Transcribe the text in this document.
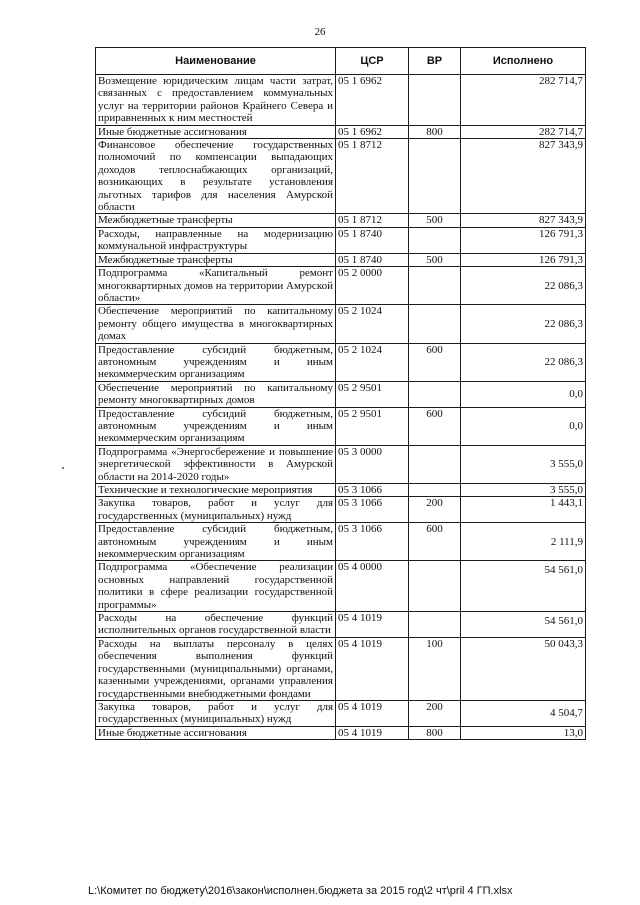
26
Наименование	ЦСР	ВР	Исполнено
Возмещение юридическим лицам части затрат, связанных с предоставлением коммунальных услуг на территории районов Крайнего Севера и приравненных к ним местностей	05 1 6962		282 714,7
Иные бюджетные ассигнования	05 1 6962	800	282 714,7
Финансовое обеспечение государственных полномочий по компенсации выпадающих доходов теплоснабжающих организаций, возникающих в результате установления льготных тарифов для населения Амурской области	05 1 8712		827 343,9
Межбюджетные трансферты	05 1 8712	500	827 343,9
Расходы, направленные на модернизацию коммунальной инфраструктуры	05 1 8740		126 791,3
Межбюджетные трансферты	05 1 8740	500	126 791,3
Подпрограмма «Капитальный ремонт многоквартирных домов на территории Амурской области»	05 2 0000		22 086,3
Обеспечение мероприятий по капитальному ремонту общего имущества в многоквартирных домах	05 2 1024		22 086,3
Предоставление субсидий бюджетным, автономным учреждениям и иным некоммерческим организациям	05 2 1024	600	22 086,3
Обеспечение мероприятий по капитальному ремонту многоквартирных домов	05 2 9501		0,0
Предоставление субсидий бюджетным, автономным учреждениям и иным некоммерческим организациям	05 2 9501	600	0,0
Подпрограмма «Энергосбережение и повышение энергетической эффективности в Амурской области на 2014-2020 годы»	05 3 0000		3 555,0
Технические и технологические мероприятия	05 3 1066		3 555,0
Закупка товаров, работ и услуг для государственных (муниципальных) нужд	05 3 1066	200	1 443,1
Предоставление субсидий бюджетным, автономным учреждениям и иным некоммерческим организациям	05 3 1066	600	2 111,9
Подпрограмма «Обеспечение реализации основных направлений государственной политики в сфере реализации государственной программы»	05 4 0000		54 561,0
Расходы на обеспечение функций исполнительных органов государственной власти	05 4 1019		54 561,0
Расходы на выплаты персоналу в целях обеспечения выполнения функций государственными (муниципальными) органами, казенными учреждениями, органами управления государственными внебюджетными фондами	05 4 1019	100	50 043,3
Закупка товаров, работ и услуг для государственных (муниципальных) нужд	05 4 1019	200	4 504,7
Иные бюджетные ассигнования	05 4 1019	800	13,0
L:\Комитет по бюджету\2016\закон\исполнен.бюджета за 2015 год\2 чт\pril 4 ГП.xlsx
